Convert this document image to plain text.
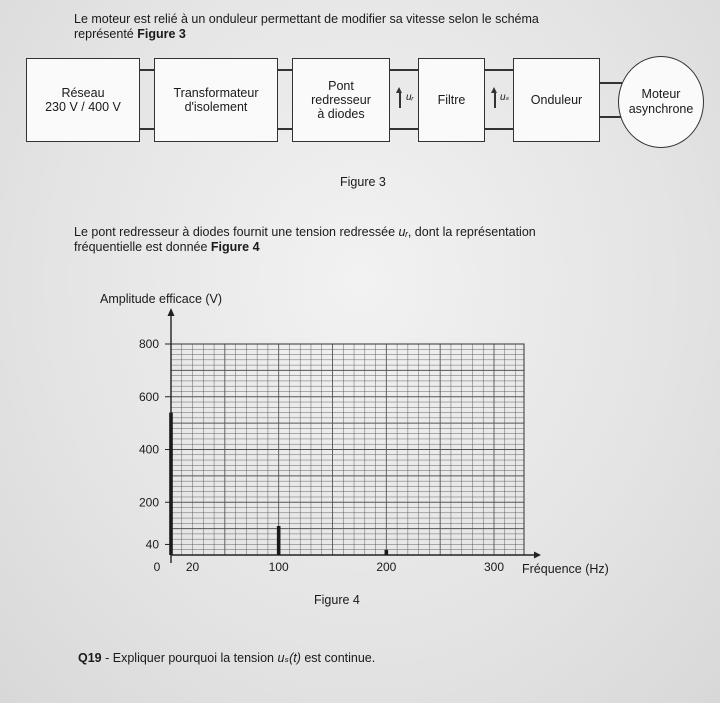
Le moteur est relié à un onduleur permettant de modifier sa vitesse selon le schéma
représenté Figure 3
Réseau
230 V / 400 V
Transformateur
d'isolement
Pont
redresseur
à diodes
uᵣ Filtre	uₛ Onduleur	Moteur
asynchrone
Figure 3
Le pont redresseur à diodes fournit une tension redressée uᵣ, dont la représentation
fréquentielle est donnée Figure 4
40
200
400
600
800
0 20	100	200	300
Amplitude efficace (V)
Fréquence (Hz)
Figure 4
Q19 - Expliquer pourquoi la tension uₛ(t) est continue.
